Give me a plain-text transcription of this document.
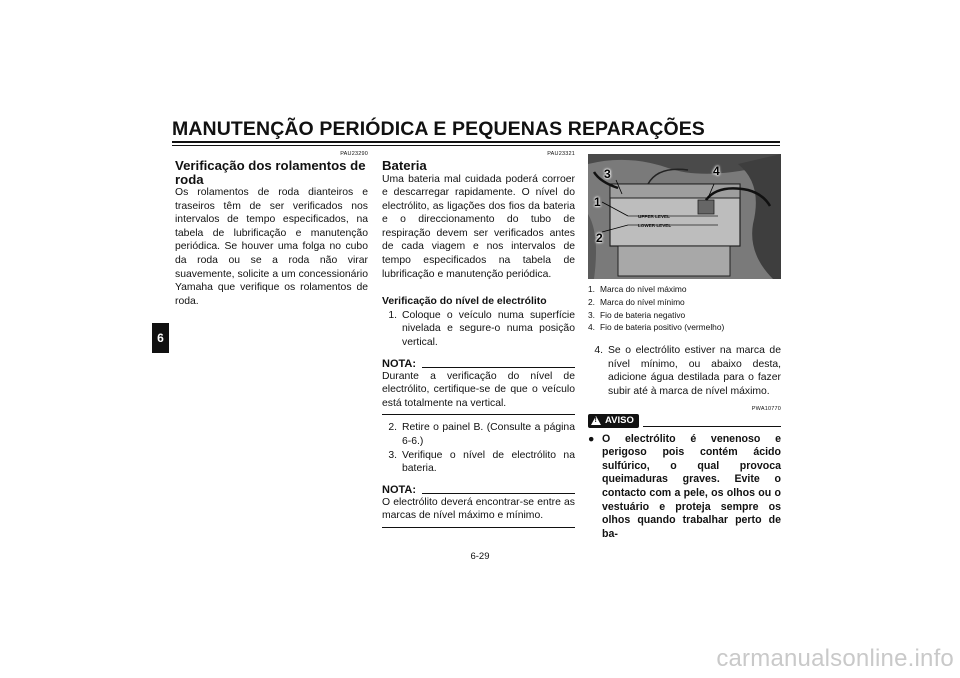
MANUTENÇÃO PERIÓDICA E PEQUENAS REPARAÇÕES
6
PAU23290
Verificação dos rolamentos de roda

Os rolamentos de roda dianteiros e traseiros têm de ser verificados nos intervalos de tempo especificados, na tabela de lubrificação e manutenção periódica. Se houver uma folga no cubo da roda ou se a roda não virar suavemente, solicite a um concessionário Yamaha que verifique os rolamentos de roda.

PAU23321
Bateria

Uma bateria mal cuidada poderá corroer e descarregar rapidamente. O nível do electrólito, as ligações dos fios da bateria e o direccionamento do tubo de respiração devem ser verificados antes de cada viagem e nos intervalos de tempo especificados na tabela de lubrificação e manutenção periódica.

Verificação do nível de electrólito
1. Coloque o veículo numa superfície nivelada e segure-o numa posição vertical.
NOTA:

Durante a verificação do nível de electrólito, certifique-se de que o veículo está totalmente na vertical.

2. Retire o painel B. (Consulte a página 6-6.)
3. Verifique o nível de electrólito na bateria.
NOTA:

O electrólito deverá encontrar-se entre as marcas de nível máximo e mínimo.

3	4
1
2
UPPER LEVEL
LOWER LEVEL
1. Marca do nível máximo
2. Marca do nível mínimo
3. Fio de bateria negativo
4. Fio de bateria positivo (vermelho)
4. Se o electrólito estiver na marca de nível mínimo, ou abaixo desta, adicione água destilada para o fazer subir até à marca de nível máximo.
PWA10770
! AVISO
● O electrólito é venenoso e perigoso pois contém ácido sulfúrico, o qual provoca queimaduras graves. Evite o contacto com a pele, os olhos ou o vestuário e proteja sempre os olhos quando trabalhar perto de ba-
6-29
carmanualsonline.info
